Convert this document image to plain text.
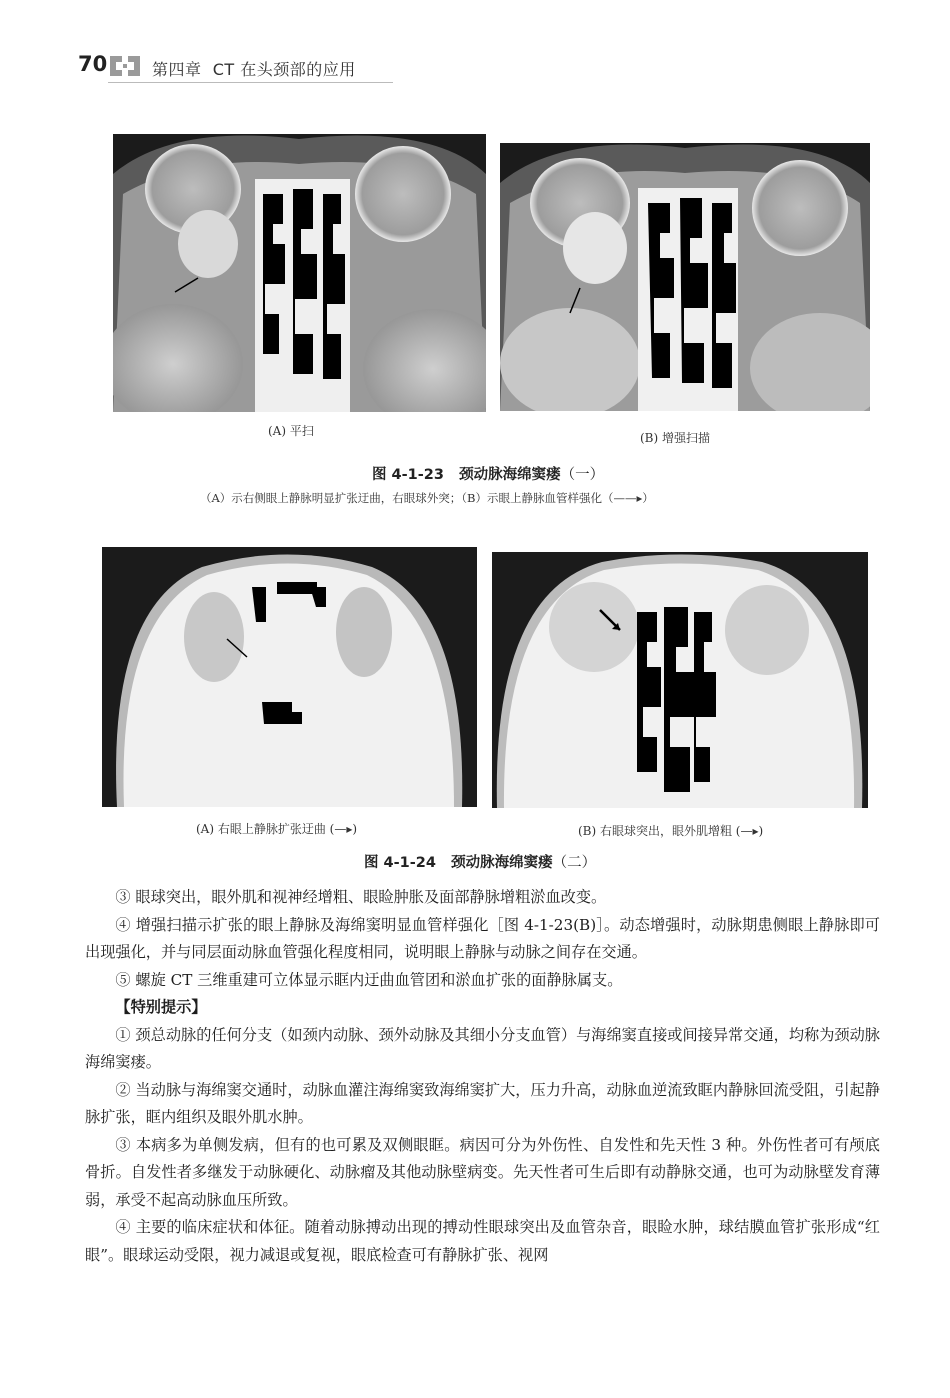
70	第四章 CT 在头颈部的应用
(A) 平扫	(B) 增强扫描
图 4-1-23 颈动脉海绵窦瘘（一）
（A）示右侧眼上静脉明显扩张迂曲，右眼球外突；（B）示眼上静脉血管样强化（——▸）
(A) 右眼上静脉扩张迂曲 (—▸)	(B) 右眼球突出，眼外肌增粗 (—▸)
图 4-1-24 颈动脉海绵窦瘘（二）

③ 眼球突出，眼外肌和视神经增粗、眼睑肿胀及面部静脉增粗淤血改变。

④ 增强扫描示扩张的眼上静脉及海绵窦明显血管样强化［图 4-1-23(B)］。动态增强时，动脉期患侧眼上静脉即可出现强化，并与同层面动脉血管强化程度相同，说明眼上静脉与动脉之间存在交通。

⑤ 螺旋 CT 三维重建可立体显示眶内迂曲血管团和淤血扩张的面静脉属支。

【特别提示】

① 颈总动脉的任何分支（如颈内动脉、颈外动脉及其细小分支血管）与海绵窦直接或间接异常交通，均称为颈动脉海绵窦瘘。

② 当动脉与海绵窦交通时，动脉血灌注海绵窦致海绵窦扩大，压力升高，动脉血逆流致眶内静脉回流受阻，引起静脉扩张，眶内组织及眼外肌水肿。

③ 本病多为单侧发病，但有的也可累及双侧眼眶。病因可分为外伤性、自发性和先天性 3 种。外伤性者可有颅底骨折。自发性者多继发于动脉硬化、动脉瘤及其他动脉壁病变。先天性者可生后即有动静脉交通，也可为动脉壁发育薄弱，承受不起高动脉血压所致。

④ 主要的临床症状和体征。随着动脉搏动出现的搏动性眼球突出及血管杂音，眼睑水肿，球结膜血管扩张形成“红眼”。眼球运动受限，视力减退或复视，眼底检查可有静脉扩张、视网
